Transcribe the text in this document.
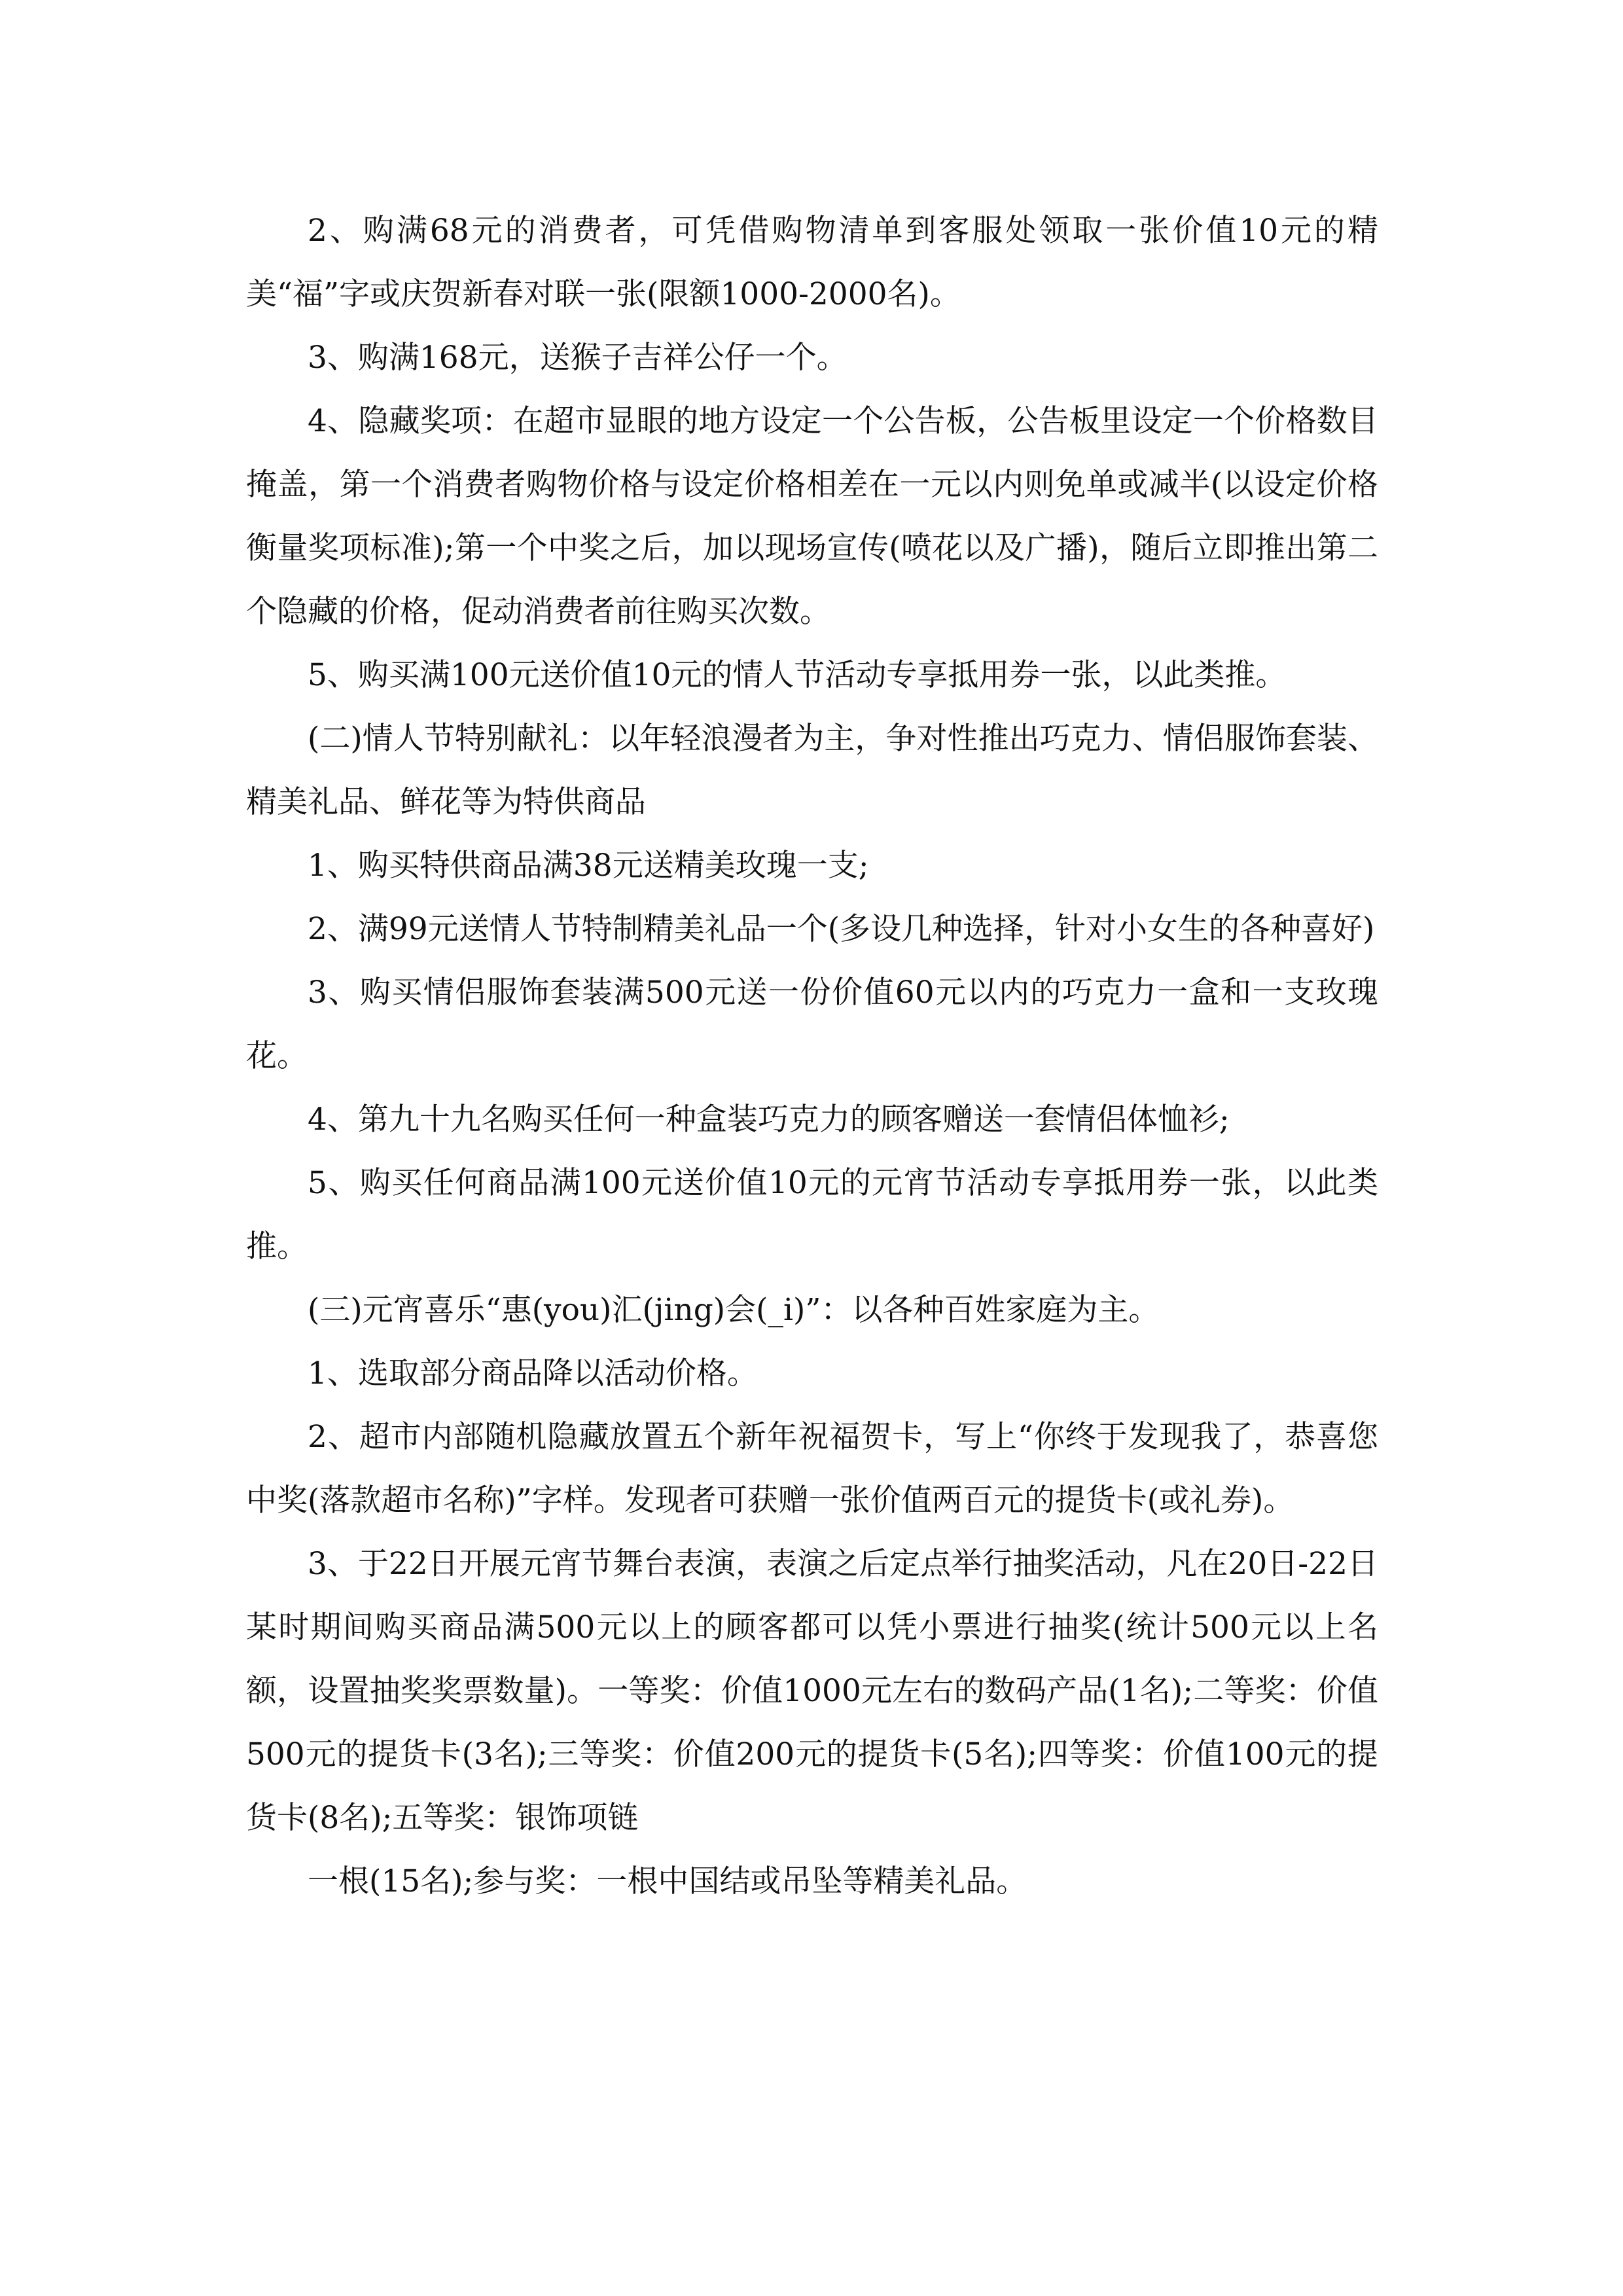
2、购满68元的消费者，可凭借购物清单到客服处领取一张价值10元的精美“福”字或庆贺新春对联一张(限额1000-2000名)。

3、购满168元，送猴子吉祥公仔一个。

4、隐藏奖项：在超市显眼的地方设定一个公告板，公告板里设定一个价格数目掩盖，第一个消费者购物价格与设定价格相差在一元以内则免单或减半(以设定价格衡量奖项标准);第一个中奖之后，加以现场宣传(喷花以及广播)，随后立即推出第二个隐藏的价格，促动消费者前往购买次数。

5、购买满100元送价值10元的情人节活动专享抵用券一张，以此类推。

(二)情人节特别献礼：以年轻浪漫者为主，争对性推出巧克力、情侣服饰套装、精美礼品、鲜花等为特供商品

1、购买特供商品满38元送精美玫瑰一支;

2、满99元送情人节特制精美礼品一个(多设几种选择，针对小女生的各种喜好)

3、购买情侣服饰套装满500元送一份价值60元以内的巧克力一盒和一支玫瑰花。

4、第九十九名购买任何一种盒装巧克力的顾客赠送一套情侣体恤衫;

5、购买任何商品满100元送价值10元的元宵节活动专享抵用券一张，以此类推。

(三)元宵喜乐“惠(you)汇(jing)会(_i)”：以各种百姓家庭为主。

1、选取部分商品降以活动价格。

2、超市内部随机隐藏放置五个新年祝福贺卡，写上“你终于发现我了，恭喜您中奖(落款超市名称)”字样。发现者可获赠一张价值两百元的提货卡(或礼券)。

3、于22日开展元宵节舞台表演，表演之后定点举行抽奖活动，凡在20日-22日某时期间购买商品满500元以上的顾客都可以凭小票进行抽奖(统计500元以上名额，设置抽奖奖票数量)。一等奖：价值1000元左右的数码产品(1名);二等奖：价值500元的提货卡(3名);三等奖：价值200元的提货卡(5名);四等奖：价值100元的提货卡(8名);五等奖：银饰项链

一根(15名);参与奖：一根中国结或吊坠等精美礼品。
